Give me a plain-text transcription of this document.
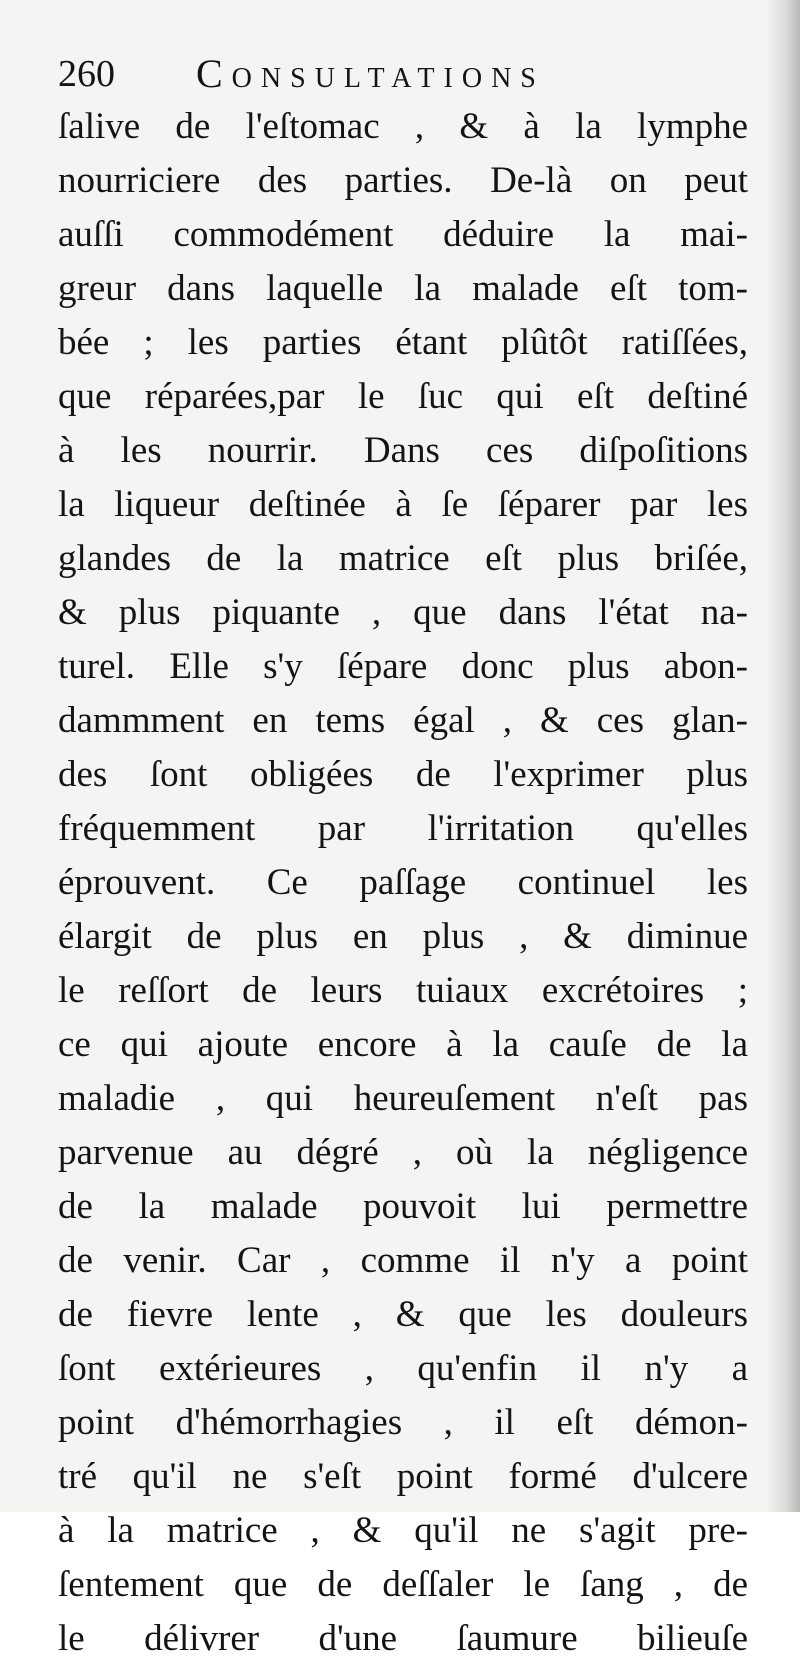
260 Consultations
ſalive de l'eſtomac , & à la lymphe
nourriciere des parties. De-là on peut
auſſi commodément déduire la mai-
greur dans laquelle la malade eſt tom-
bée ; les parties étant plûtôt ratiſſées,
que réparées,par le ſuc qui eſt deſtiné
à les nourrir. Dans ces diſpoſitions
la liqueur deſtinée à ſe ſéparer par les
glandes de la matrice eſt plus briſée,
& plus piquante , que dans l'état na-
turel. Elle s'y ſépare donc plus abon-
dammment en tems égal , & ces glan-
des ſont obligées de l'exprimer plus
fréquemment par l'irritation qu'elles
éprouvent. Ce paſſage continuel les
élargit de plus en plus , & diminue
le reſſort de leurs tuiaux excrétoires ;
ce qui ajoute encore à la cauſe de la
maladie , qui heureuſement n'eſt pas
parvenue au dégré , où la négligence
de la malade pouvoit lui permettre
de venir. Car , comme il n'y a point
de fievre lente , & que les douleurs
ſont extérieures , qu'enfin il n'y a
point d'hémorrhagies , il eſt démon-
tré qu'il ne s'eſt point formé d'ulcere
à la matrice , & qu'il ne s'agit pre-
ſentement que de deſſaler le ſang , de
le délivrer d'une ſaumure bilieuſe
